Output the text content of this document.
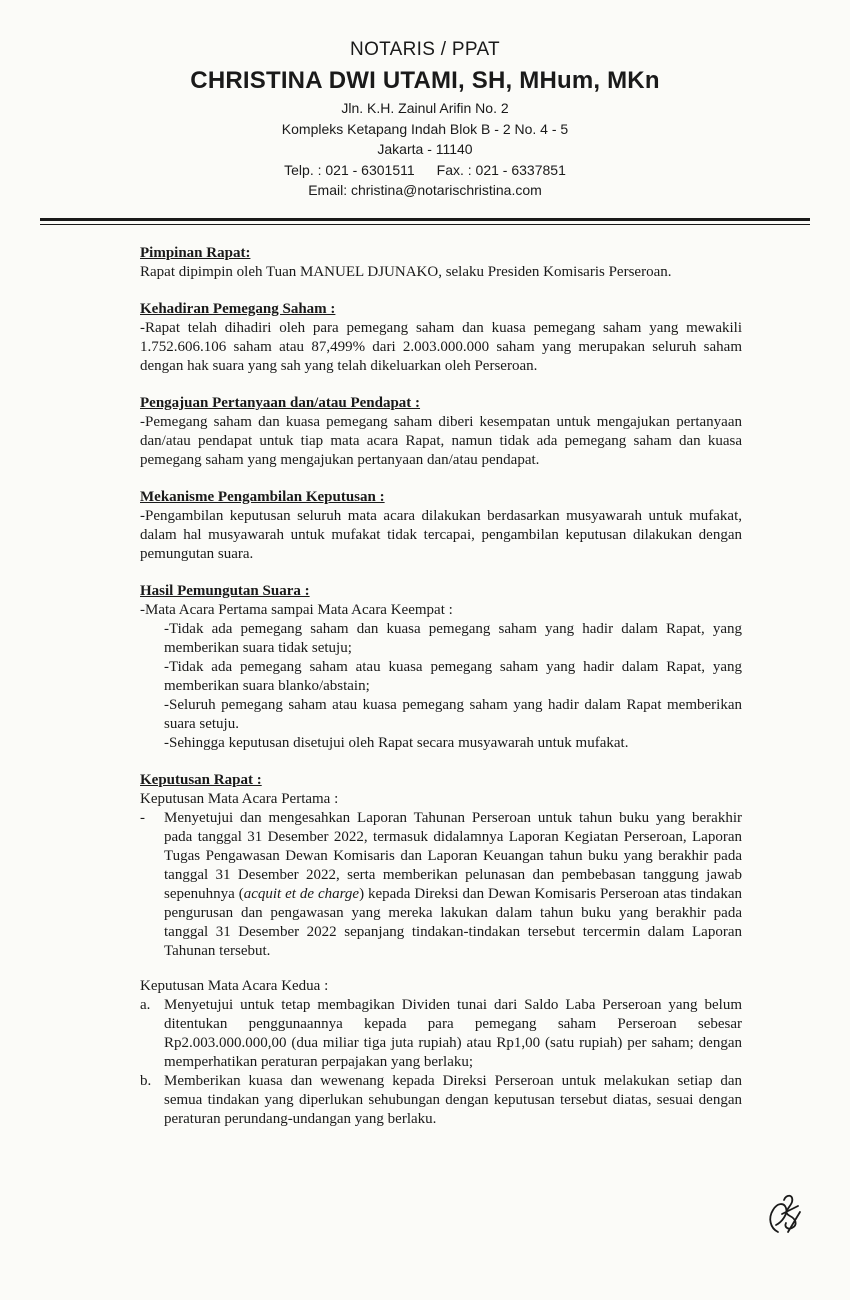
NOTARIS / PPAT
CHRISTINA DWI UTAMI, SH, MHum, MKn
Jln. K.H. Zainul Arifin No. 2
Kompleks Ketapang Indah Blok B - 2 No. 4 - 5
Jakarta - 11140
Telp. : 021 - 6301511 Fax. : 021 - 6337851
Email: christina@notarischristina.com
Pimpinan Rapat:
Rapat dipimpin oleh Tuan MANUEL DJUNAKO, selaku Presiden Komisaris Perseroan.
Kehadiran Pemegang Saham :
-Rapat telah dihadiri oleh para pemegang saham dan kuasa pemegang saham yang mewakili 1.752.606.106 saham atau 87,499% dari 2.003.000.000 saham yang merupakan seluruh saham dengan hak suara yang sah yang telah dikeluarkan oleh Perseroan.
Pengajuan Pertanyaan dan/atau Pendapat :
-Pemegang saham dan kuasa pemegang saham diberi kesempatan untuk mengajukan pertanyaan dan/atau pendapat untuk tiap mata acara Rapat, namun tidak ada pemegang saham dan kuasa pemegang saham yang mengajukan pertanyaan dan/atau pendapat.
Mekanisme Pengambilan Keputusan :
-Pengambilan keputusan seluruh mata acara dilakukan berdasarkan musyawarah untuk mufakat, dalam hal musyawarah untuk mufakat tidak tercapai, pengambilan keputusan dilakukan dengan pemungutan suara.
Hasil Pemungutan Suara :
-Mata Acara Pertama sampai Mata Acara Keempat :
-Tidak ada pemegang saham dan kuasa pemegang saham yang hadir dalam Rapat, yang memberikan suara tidak setuju;
-Tidak ada pemegang saham atau kuasa pemegang saham yang hadir dalam Rapat, yang memberikan suara blanko/abstain;
-Seluruh pemegang saham atau kuasa pemegang saham yang hadir dalam Rapat memberikan suara setuju.
-Sehingga keputusan disetujui oleh Rapat secara musyawarah untuk mufakat.
Keputusan Rapat :
Keputusan Mata Acara Pertama :
-	Menyetujui dan mengesahkan Laporan Tahunan Perseroan untuk tahun buku yang berakhir pada tanggal 31 Desember 2022, termasuk didalamnya Laporan Kegiatan Perseroan, Laporan Tugas Pengawasan Dewan Komisaris dan Laporan Keuangan tahun buku yang berakhir pada tanggal 31 Desember 2022, serta memberikan pelunasan dan pembebasan tanggung jawab sepenuhnya (acquit et de charge) kepada Direksi dan Dewan Komisaris Perseroan atas tindakan pengurusan dan pengawasan yang mereka lakukan dalam tahun buku yang berakhir pada tanggal 31 Desember 2022 sepanjang tindakan-tindakan tersebut tercermin dalam Laporan Tahunan tersebut.
Keputusan Mata Acara Kedua :
a. Menyetujui untuk tetap membagikan Dividen tunai dari Saldo Laba Perseroan yang belum ditentukan penggunaannya kepada para pemegang saham Perseroan sebesar Rp2.003.000.000,00 (dua miliar tiga juta rupiah) atau Rp1,00 (satu rupiah) per saham; dengan memperhatikan peraturan perpajakan yang berlaku;
b. Memberikan kuasa dan wewenang kepada Direksi Perseroan untuk melakukan setiap dan semua tindakan yang diperlukan sehubungan dengan keputusan tersebut diatas, sesuai dengan peraturan perundang-undangan yang berlaku.
